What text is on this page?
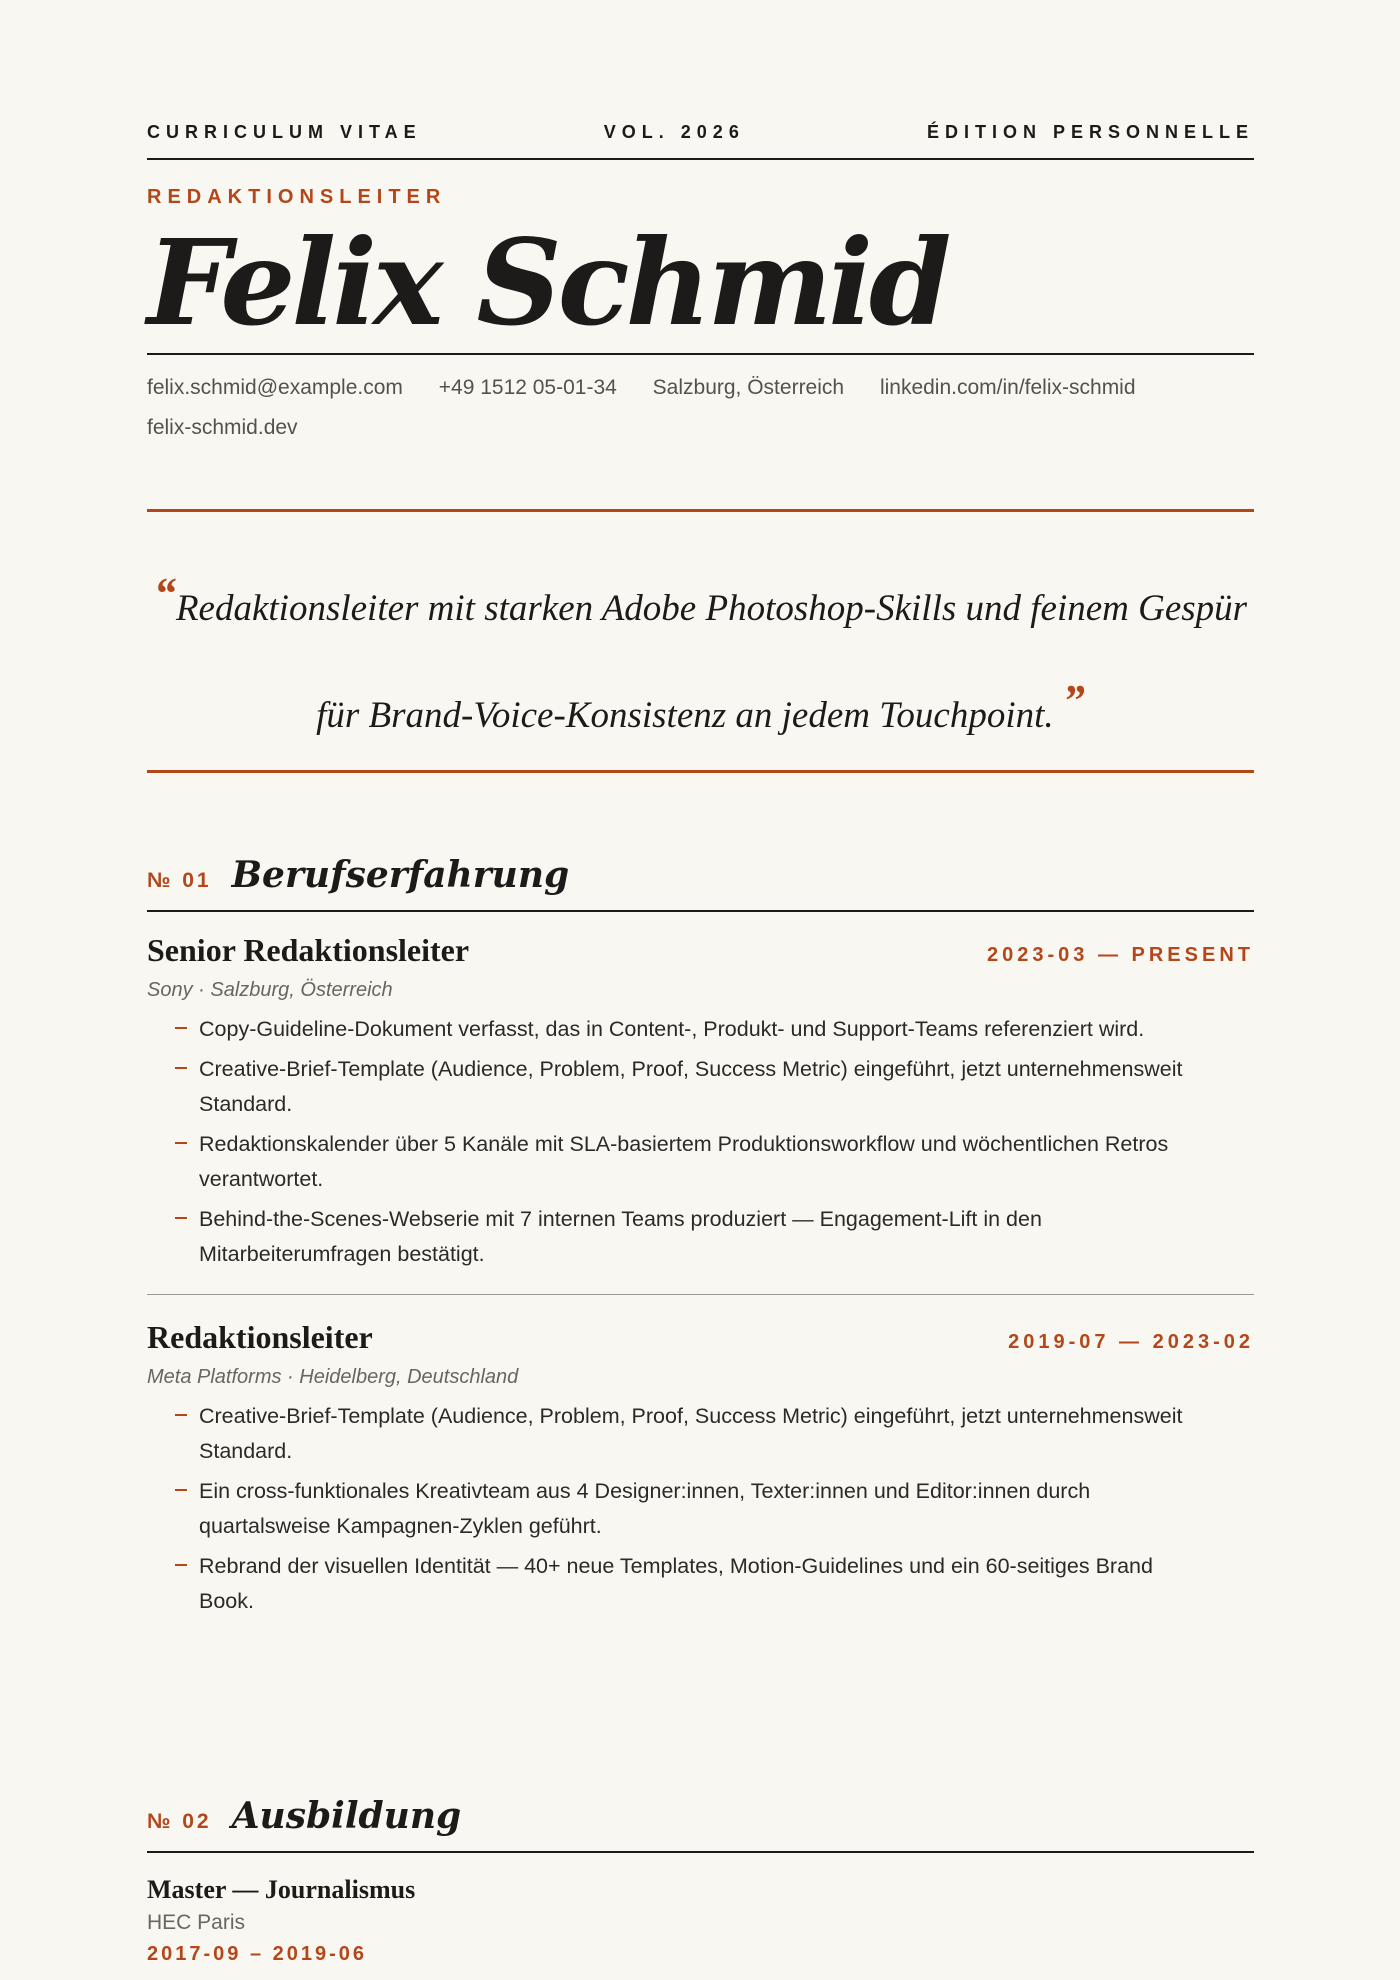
CURRICULUM VITAE	VOL. 2026	ÉDITION PERSONNELLE
REDAKTIONSLEITER
Felix Schmid
felix.schmid@example.com +49 1512 05-01-34 Salzburg, Österreich linkedin.com/in/felix-schmid
felix-schmid.dev

“Redaktionsleiter mit starken Adobe Photoshop-Skills und feinem Gespür für Brand-Voice-Konsistenz an jedem Touchpoint. ”

№ 01 Berufserfahrung
Senior Redaktionsleiter	2023-03 — PRESENT
Sony · Salzburg, Österreich
Copy-Guideline-Dokument verfasst, das in Content-, Produkt- und Support-Teams referenziert wird.
Creative-Brief-Template (Audience, Problem, Proof, Success Metric) eingeführt, jetzt unternehmensweit Standard.
Redaktionskalender über 5 Kanäle mit SLA-basiertem Produktionsworkflow und wöchentlichen Retros verantwortet.
Behind-the-Scenes-Webserie mit 7 internen Teams produziert — Engagement-Lift in den Mitarbeiterumfragen bestätigt.
Redaktionsleiter	2019-07 — 2023-02
Meta Platforms · Heidelberg, Deutschland
Creative-Brief-Template (Audience, Problem, Proof, Success Metric) eingeführt, jetzt unternehmensweit Standard.
Ein cross-funktionales Kreativteam aus 4 Designer:innen, Texter:innen und Editor:innen durch quartalsweise Kampagnen-Zyklen geführt.
Rebrand der visuellen Identität — 40+ neue Templates, Motion-Guidelines und ein 60-seitiges Brand Book.
№ 02 Ausbildung
Master — Journalismus
HEC Paris
2017-09 – 2019-06
